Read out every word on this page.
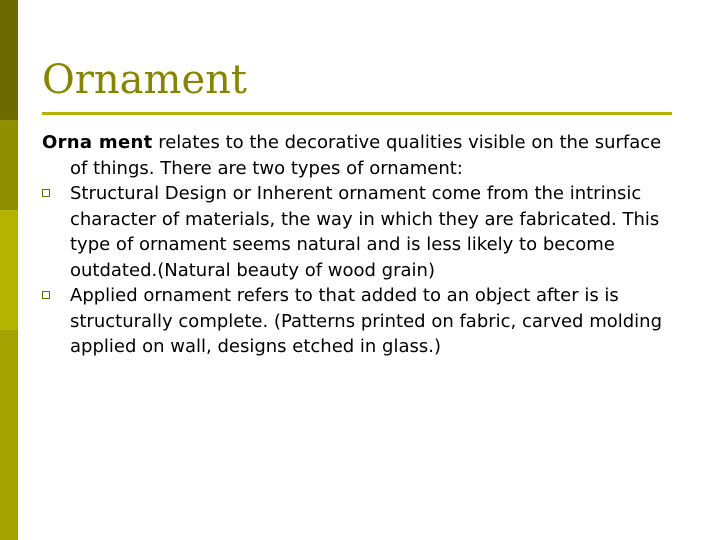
Ornament

Orna ment relates to the decorative qualities visible on the surface of things. There are two types of ornament:

Structural Design or Inherent ornament come from the intrinsic character of materials, the way in which they are fabricated. This type of ornament seems natural and is less likely to become outdated.(Natural beauty of wood grain)
Applied ornament refers to that added to an object after is is structurally complete. (Patterns printed on fabric, carved molding applied on wall, designs etched in glass.)
